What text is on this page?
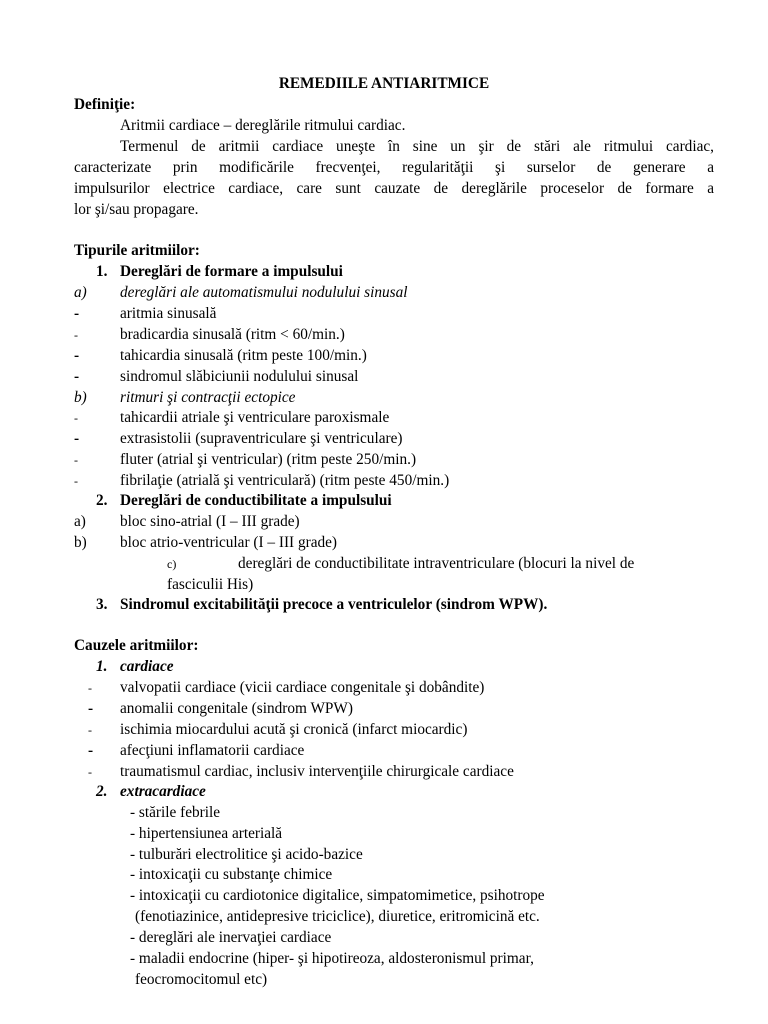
REMEDIILE ANTIARITMICE
Definiţie:
Aritmii cardiace – dereglările ritmului cardiac.
Termenul de aritmii cardiace uneşte în sine un şir de stări ale ritmului cardiac,
caracterizate prin modificările frecvenţei, regularităţii şi surselor de generare a
impulsurilor electrice cardiace, care sunt cauzate de dereglările proceselor de formare a
lor şi/sau propagare.
Tipurile aritmiilor:
1. Dereglări de formare a impulsului
a) dereglări ale automatismului nodulului sinusal
-	aritmia sinusală
-	bradicardia sinusală (ritm < 60/min.)
-	tahicardia sinusală (ritm peste 100/min.)
-	sindromul slăbiciunii nodulului sinusal
b) ritmuri şi contracţii ectopice
-	tahicardii atriale şi ventriculare paroxismale
-	extrasistolii (supraventriculare şi ventriculare)
-	fluter (atrial şi ventricular) (ritm peste 250/min.)
-	fibrilaţie (atrială şi ventriculară) (ritm peste 450/min.)
2. Dereglări de conductibilitate a impulsului
a) bloc sino-atrial (I – III grade)
b) bloc atrio-ventricular (I – III grade)
c)	dereglări de conductibilitate intraventriculare (blocuri la nivel de
fasciculii His)
3. Sindromul excitabilităţii precoce a ventriculelor (sindrom WPW).
Cauzele aritmiilor:
1. cardiace
- valvopatii cardiace (vicii cardiace congenitale şi dobândite)
- anomalii congenitale (sindrom WPW)
- ischimia miocardului acută şi cronică (infarct miocardic)
- afecţiuni inflamatorii cardiace
- traumatismul cardiac, inclusiv intervenţiile chirurgicale cardiace
2. extracardiace
- stările febrile
- hipertensiunea arterială
- tulburări electrolitice şi acido-bazice
- intoxicaţii cu substanţe chimice
- intoxicaţii cu cardiotonice digitalice, simpatomimetice, psihotrope
(fenotiazinice, antidepresive triciclice), diuretice, eritromicină etc.
- dereglări ale inervaţiei cardiace
- maladii endocrine (hiper- şi hipotireoza, aldosteronismul primar,
feocromocitomul etc)
